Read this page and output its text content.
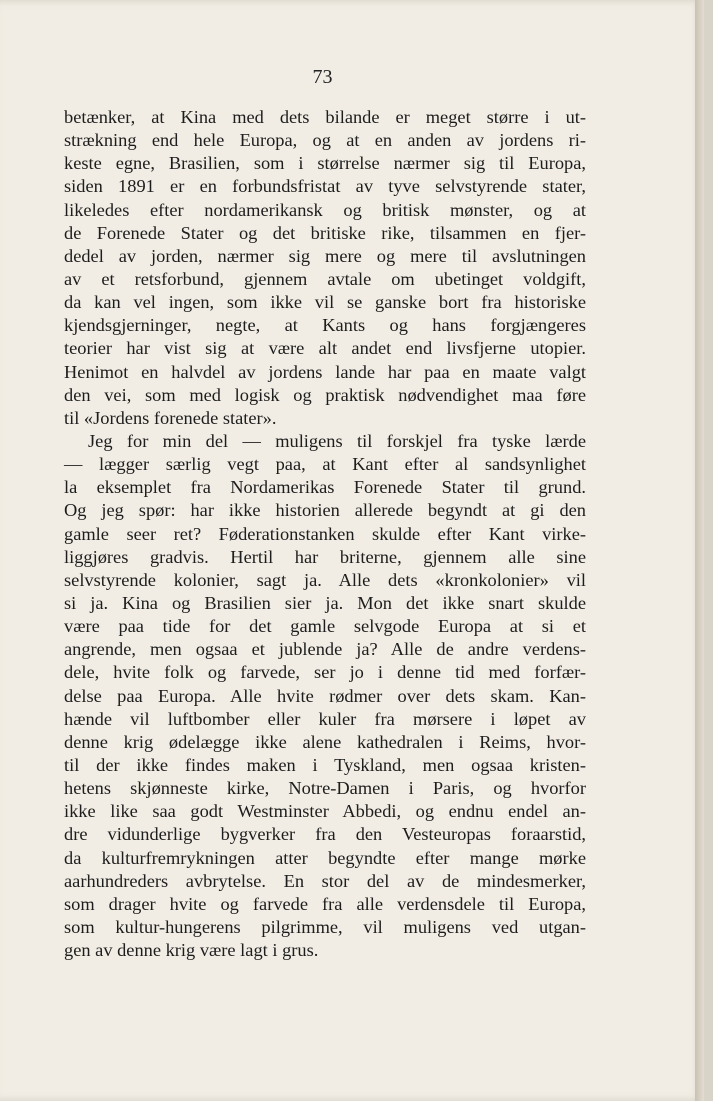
73
betænker, at Kina med dets bilande er meget større i ut-
strækning end hele Europa, og at en anden av jordens ri-
keste egne, Brasilien, som i størrelse nærmer sig til Europa,
siden 1891 er en forbundsfristat av tyve selvstyrende stater,
likeledes efter nordamerikansk og britisk mønster, og at
de Forenede Stater og det britiske rike, tilsammen en fjer-
dedel av jorden, nærmer sig mere og mere til avslutningen
av et retsforbund, gjennem avtale om ubetinget voldgift,
da kan vel ingen, som ikke vil se ganske bort fra historiske
kjendsgjerninger, negte, at Kants og hans forgjængeres
teorier har vist sig at være alt andet end livsfjerne utopier.
Henimot en halvdel av jordens lande har paa en maate valgt
den vei, som med logisk og praktisk nødvendighet maa føre
til «Jordens forenede stater».
Jeg for min del — muligens til forskjel fra tyske lærde
— lægger særlig vegt paa, at Kant efter al sandsynlighet
la eksemplet fra Nordamerikas Forenede Stater til grund.
Og jeg spør: har ikke historien allerede begyndt at gi den
gamle seer ret? Føderationstanken skulde efter Kant virke-
liggjøres gradvis. Hertil har briterne, gjennem alle sine
selvstyrende kolonier, sagt ja. Alle dets «kronkolonier» vil
si ja. Kina og Brasilien sier ja. Mon det ikke snart skulde
være paa tide for det gamle selvgode Europa at si et
angrende, men ogsaa et jublende ja? Alle de andre verdens-
dele, hvite folk og farvede, ser jo i denne tid med forfær-
delse paa Europa. Alle hvite rødmer over dets skam. Kan-
hænde vil luftbomber eller kuler fra mørsere i løpet av
denne krig ødelægge ikke alene kathedralen i Reims, hvor-
til der ikke findes maken i Tyskland, men ogsaa kristen-
hetens skjønneste kirke, Notre-Damen i Paris, og hvorfor
ikke like saa godt Westminster Abbedi, og endnu endel an-
dre vidunderlige bygverker fra den Vesteuropas foraarstid,
da kulturfremrykningen atter begyndte efter mange mørke
aarhundreders avbrytelse. En stor del av de mindesmerker,
som drager hvite og farvede fra alle verdensdele til Europa,
som kultur-hungerens pilgrimme, vil muligens ved utgan-
gen av denne krig være lagt i grus.
